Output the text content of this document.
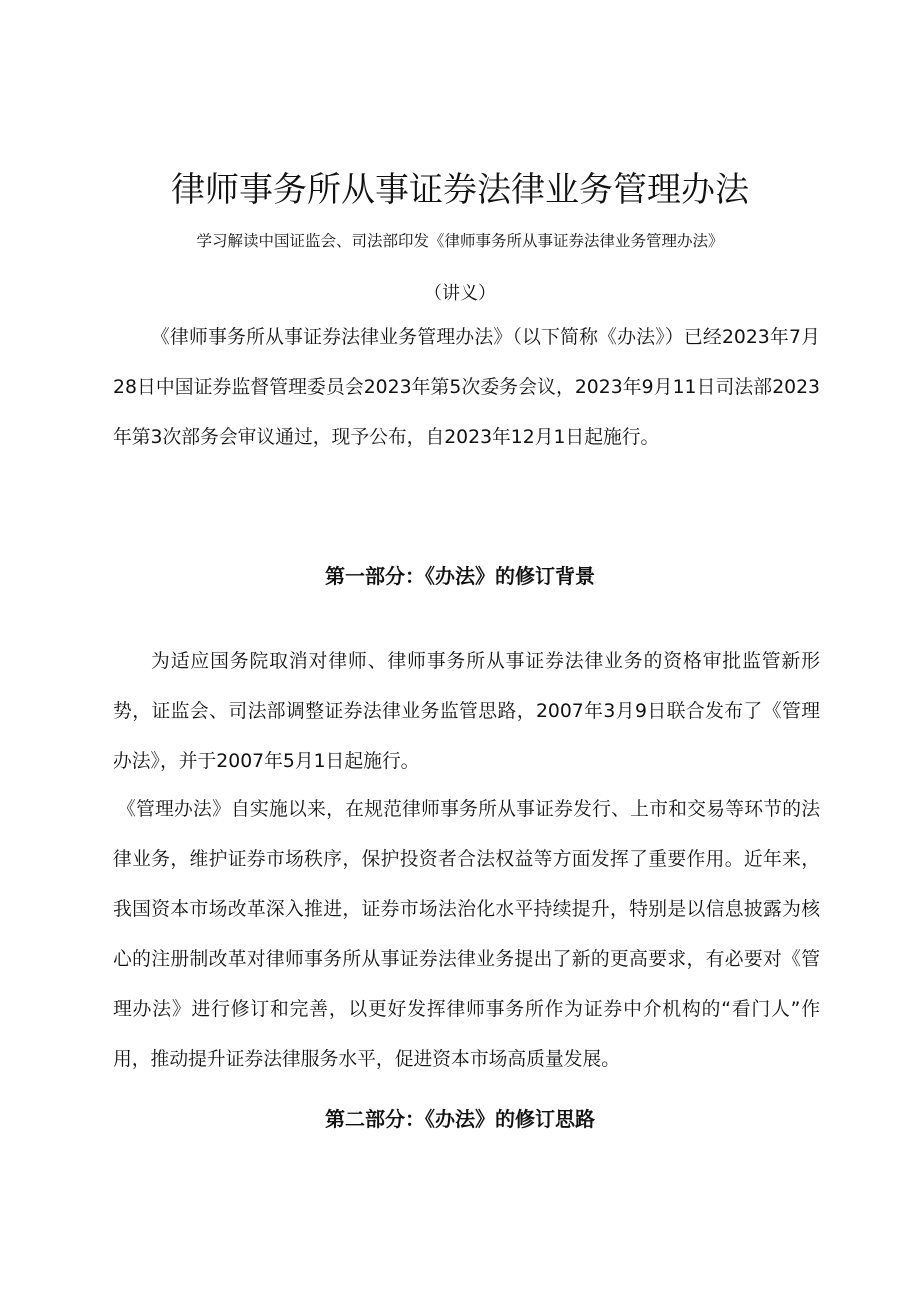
律师事务所从事证券法律业务管理办法

学习解读中国证监会、司法部印发《律师事务所从事证券法律业务管理办法》

（讲义）

《律师事务所从事证券法律业务管理办法》（以下简称《办法》）已经2023年7月28日中国证券监督管理委员会2023年第5次委务会议，2023年9月11日司法部2023年第3次部务会审议通过，现予公布，自2023年12月1日起施行。

第一部分：《办法》的修订背景

为适应国务院取消对律师、律师事务所从事证券法律业务的资格审批监管新形势，证监会、司法部调整证券法律业务监管思路，2007年3月9日联合发布了《管理办法》，并于2007年5月1日起施行。

《管理办法》自实施以来，在规范律师事务所从事证券发行、上市和交易等环节的法律业务，维护证券市场秩序，保护投资者合法权益等方面发挥了重要作用。近年来，我国资本市场改革深入推进，证券市场法治化水平持续提升，特别是以信息披露为核心的注册制改革对律师事务所从事证券法律业务提出了新的更高要求，有必要对《管理办法》进行修订和完善，以更好发挥律师事务所作为证券中介机构的“看门人”作用，推动提升证券法律服务水平，促进资本市场高质量发展。

第二部分：《办法》的修订思路
